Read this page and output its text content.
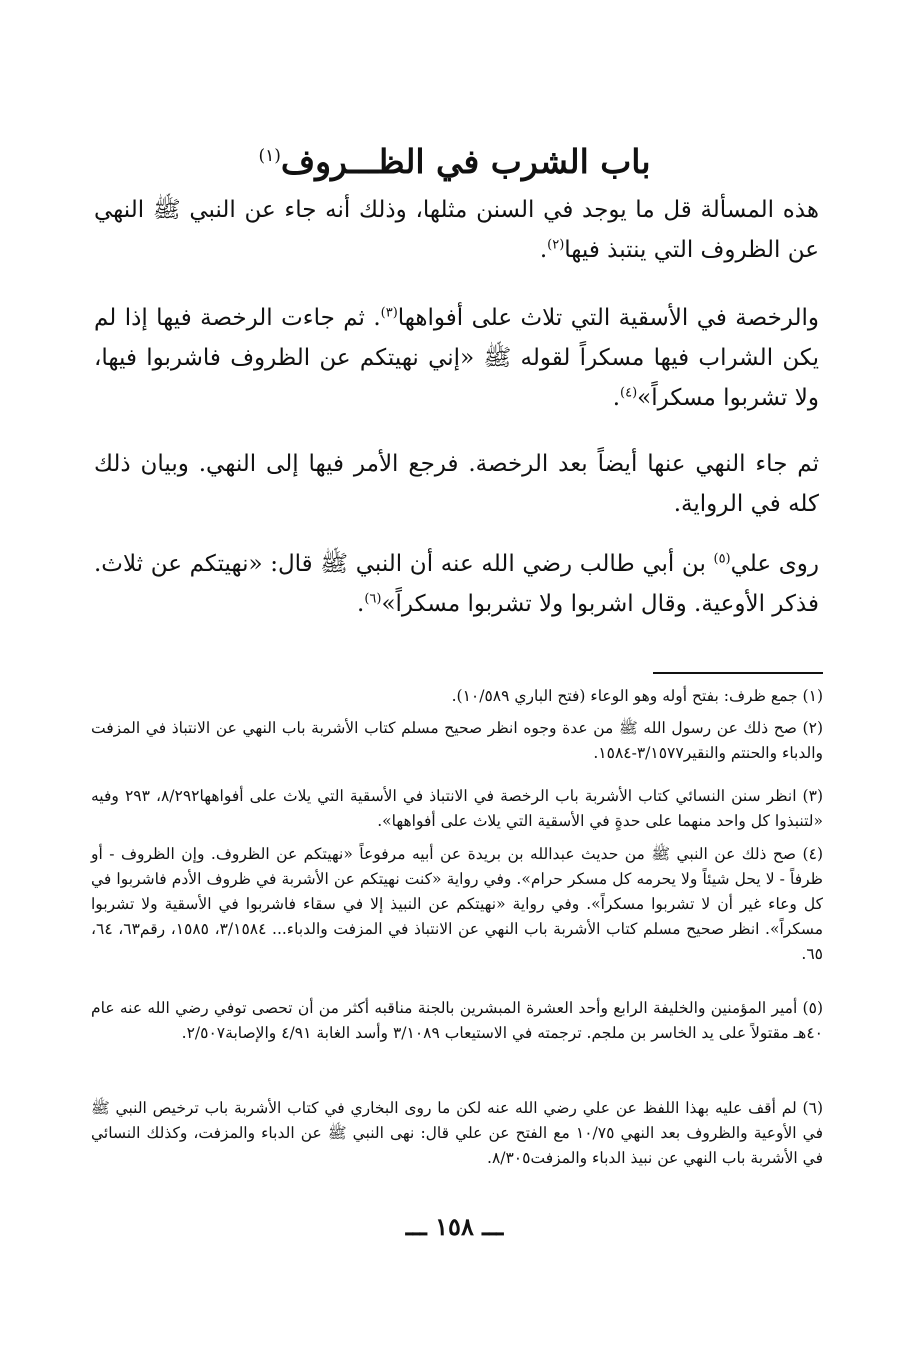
باب الشرب في الظـــروف$^{(١)}$
هذه المسألة قل ما يوجد في السنن مثلها، وذلك أنه جاء عن النبي ﷺ النهي عن الظروف التي ينتبذ فيها$^{(٢)}$.
والرخصة في الأسقية التي تلاث على أفواهها$^{(٣)}$. ثم جاءت الرخصة فيها إذا لم يكن الشراب فيها مسكراً لقوله ﷺ «إني نهيتكم عن الظروف فاشربوا فيها، ولا تشربوا مسكراً»$^{(٤)}$.
ثم جاء النهي عنها أيضاً بعد الرخصة. فرجع الأمر فيها إلى النهي. وبيان ذلك كله في الرواية.
روى علي$^{(٥)}$ بن أبي طالب رضي الله عنه أن النبي ﷺ قال: «نهيتكم عن ثلاث. فذكر الأوعية. وقال اشربوا ولا تشربوا مسكراً»$^{(٦)}$.
(١) جمع ظرف: بفتح أوله وهو الوعاء (فتح الباري ١٠/٥٨٩).
(٢) صح ذلك عن رسول الله ﷺ من عدة وجوه انظر صحيح مسلم كتاب الأشربة باب النهي عن الانتباذ في المزفت والدباء والحنتم والنقير٣/١٥٧٧-١٥٨٤.
(٣) انظر سنن النسائي كتاب الأشربة باب الرخصة في الانتباذ في الأسقية التي يلاث على أفواهها٨/٢٩٢، ٢٩٣ وفيه «لتنبذوا كل واحد منهما على حدةٍ في الأسقية التي يلاث على أفواهها».
(٤) صح ذلك عن النبي ﷺ من حديث عبدالله بن بريدة عن أبيه مرفوعاً «نهيتكم عن الظروف. وإن الظروف - أو ظرفاً - لا يحل شيئاً ولا يحرمه كل مسكر حرام». وفي رواية «كنت نهيتكم عن الأشربة في ظروف الأدم فاشربوا في كل وعاء غير أن لا تشربوا مسكراً». وفي رواية «نهيتكم عن النبيذ إلا في سقاء فاشربوا في الأسقية ولا تشربوا مسكراً». انظر صحيح مسلم كتاب الأشربة باب النهي عن الانتباذ في المزفت والدباء... ٣/١٥٨٤، ١٥٨٥، رقم٦٣، ٦٤، ٦٥.
(٥) أمير المؤمنين والخليفة الرابع وأحد العشرة المبشرين بالجنة مناقبه أكثر من أن تحصى توفي رضي الله عنه عام ٤٠هـ مقتولاً على يد الخاسر بن ملجم. ترجمته في الاستيعاب ٣/١٠٨٩ وأسد الغابة ٤/٩١ والإصابة٢/٥٠٧.
(٦) لم أقف عليه بهذا اللفظ عن علي رضي الله عنه لكن ما روى البخاري في كتاب الأشربة باب ترخيص النبي ﷺ في الأوعية والظروف بعد النهي ١٠/٧٥ مع الفتح عن علي قال: نهى النبي ﷺ عن الدباء والمزفت، وكذلك النسائي في الأشربة باب النهي عن نبيذ الدباء والمزفت٨/٣٠٥.
ـــ ١٥٨ ـــ
